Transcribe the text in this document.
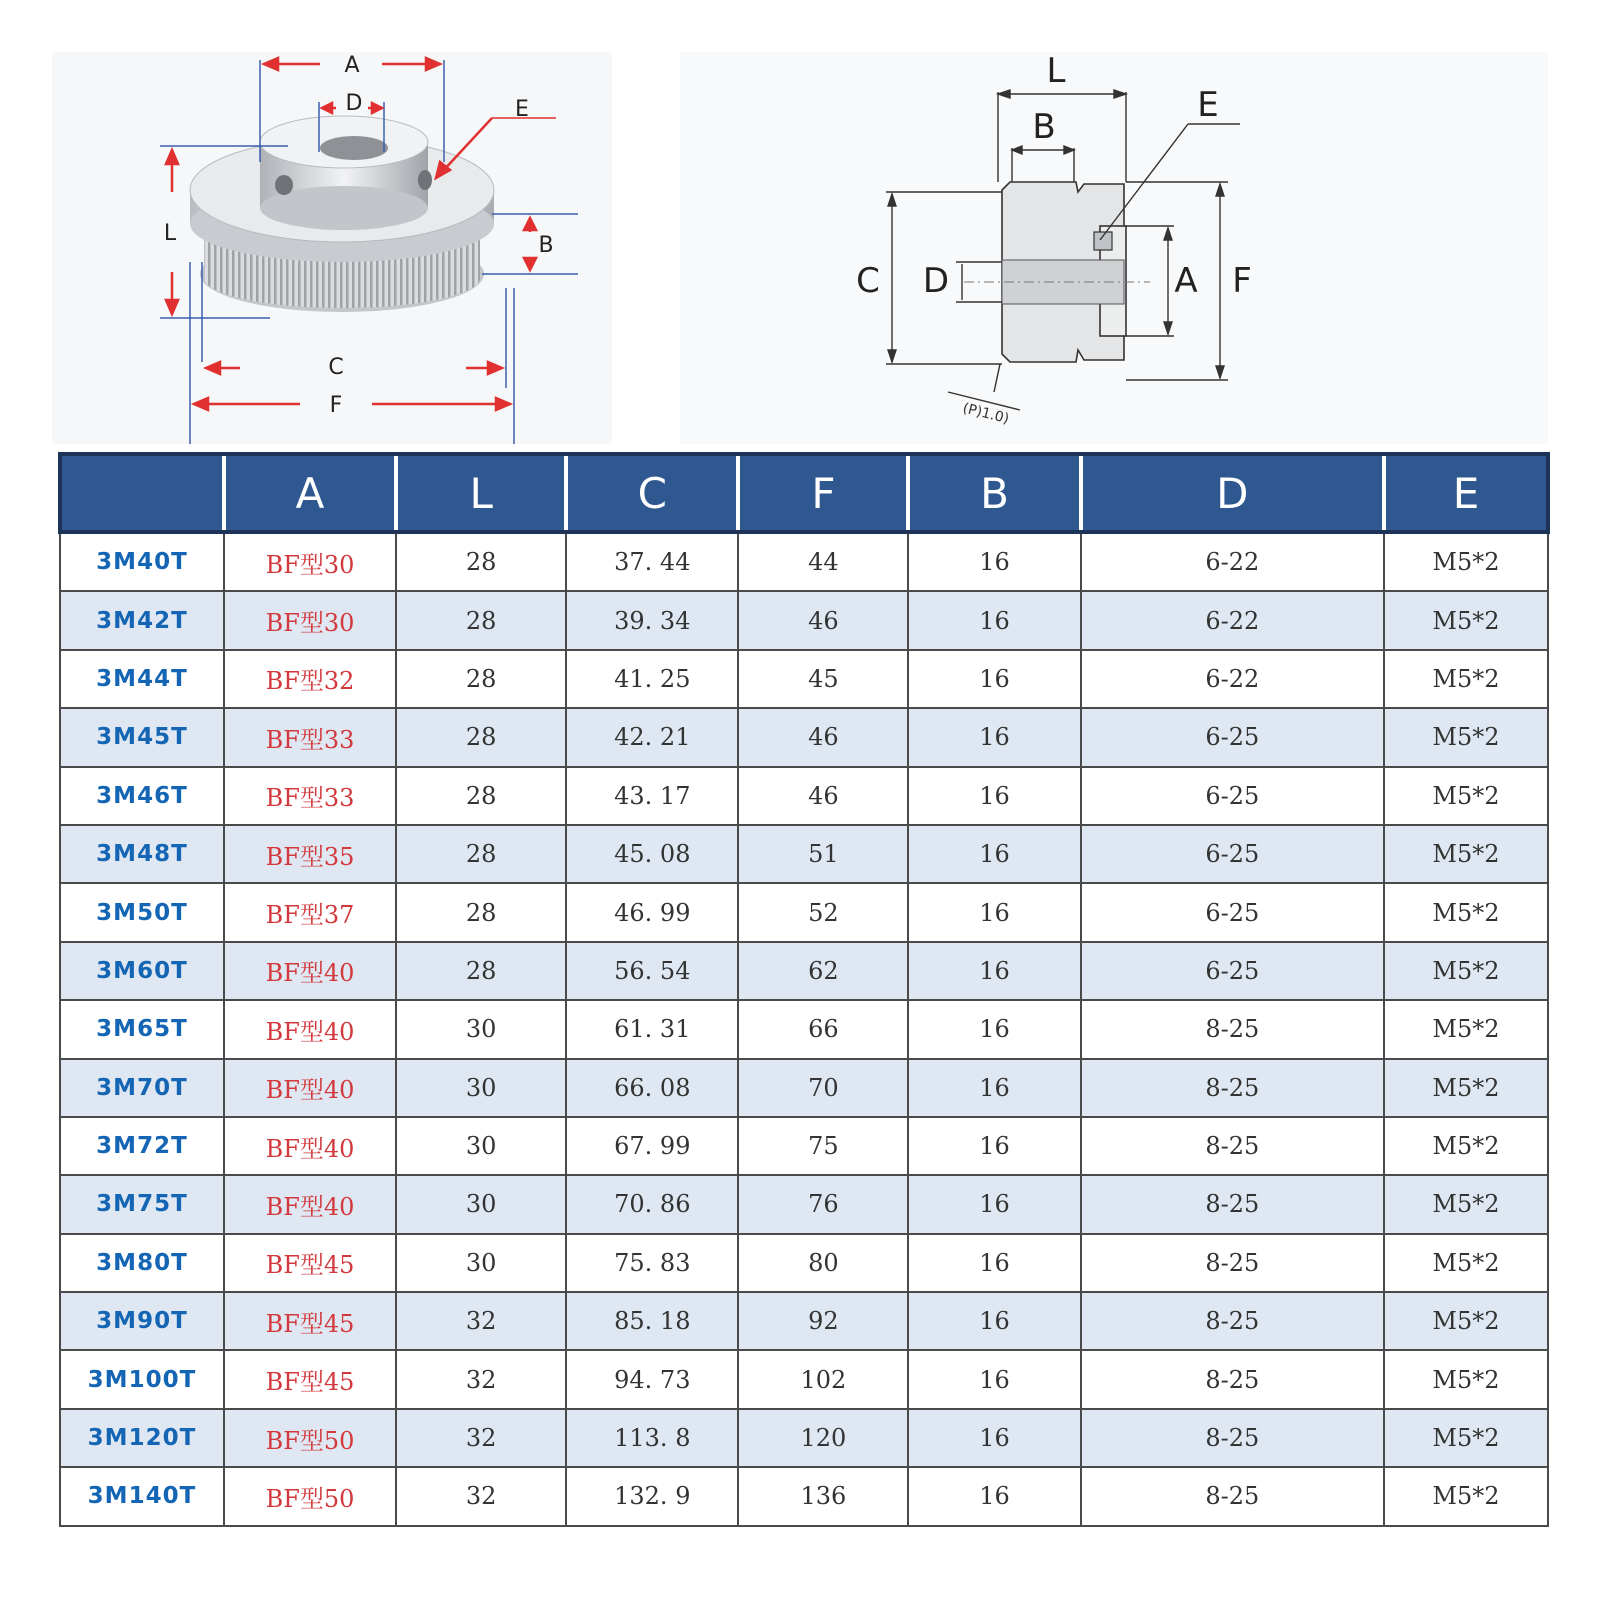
A
D	E
L	B
C
F
L
B
E
C D	A F
(P)1.0)
	A	L	C	F	B	D	E
3M40T	BF型30	28	37. 44	44	16	6-22	M5*2
3M42T	BF型30	28	39. 34	46	16	6-22	M5*2
3M44T	BF型32	28	41. 25	45	16	6-22	M5*2
3M45T	BF型33	28	42. 21	46	16	6-25	M5*2
3M46T	BF型33	28	43. 17	46	16	6-25	M5*2
3M48T	BF型35	28	45. 08	51	16	6-25	M5*2
3M50T	BF型37	28	46. 99	52	16	6-25	M5*2
3M60T	BF型40	28	56. 54	62	16	6-25	M5*2
3M65T	BF型40	30	61. 31	66	16	8-25	M5*2
3M70T	BF型40	30	66. 08	70	16	8-25	M5*2
3M72T	BF型40	30	67. 99	75	16	8-25	M5*2
3M75T	BF型40	30	70. 86	76	16	8-25	M5*2
3M80T	BF型45	30	75. 83	80	16	8-25	M5*2
3M90T	BF型45	32	85. 18	92	16	8-25	M5*2
3M100T	BF型45	32	94. 73	102	16	8-25	M5*2
3M120T	BF型50	32	113. 8	120	16	8-25	M5*2
3M140T	BF型50	32	132. 9	136	16	8-25	M5*2
